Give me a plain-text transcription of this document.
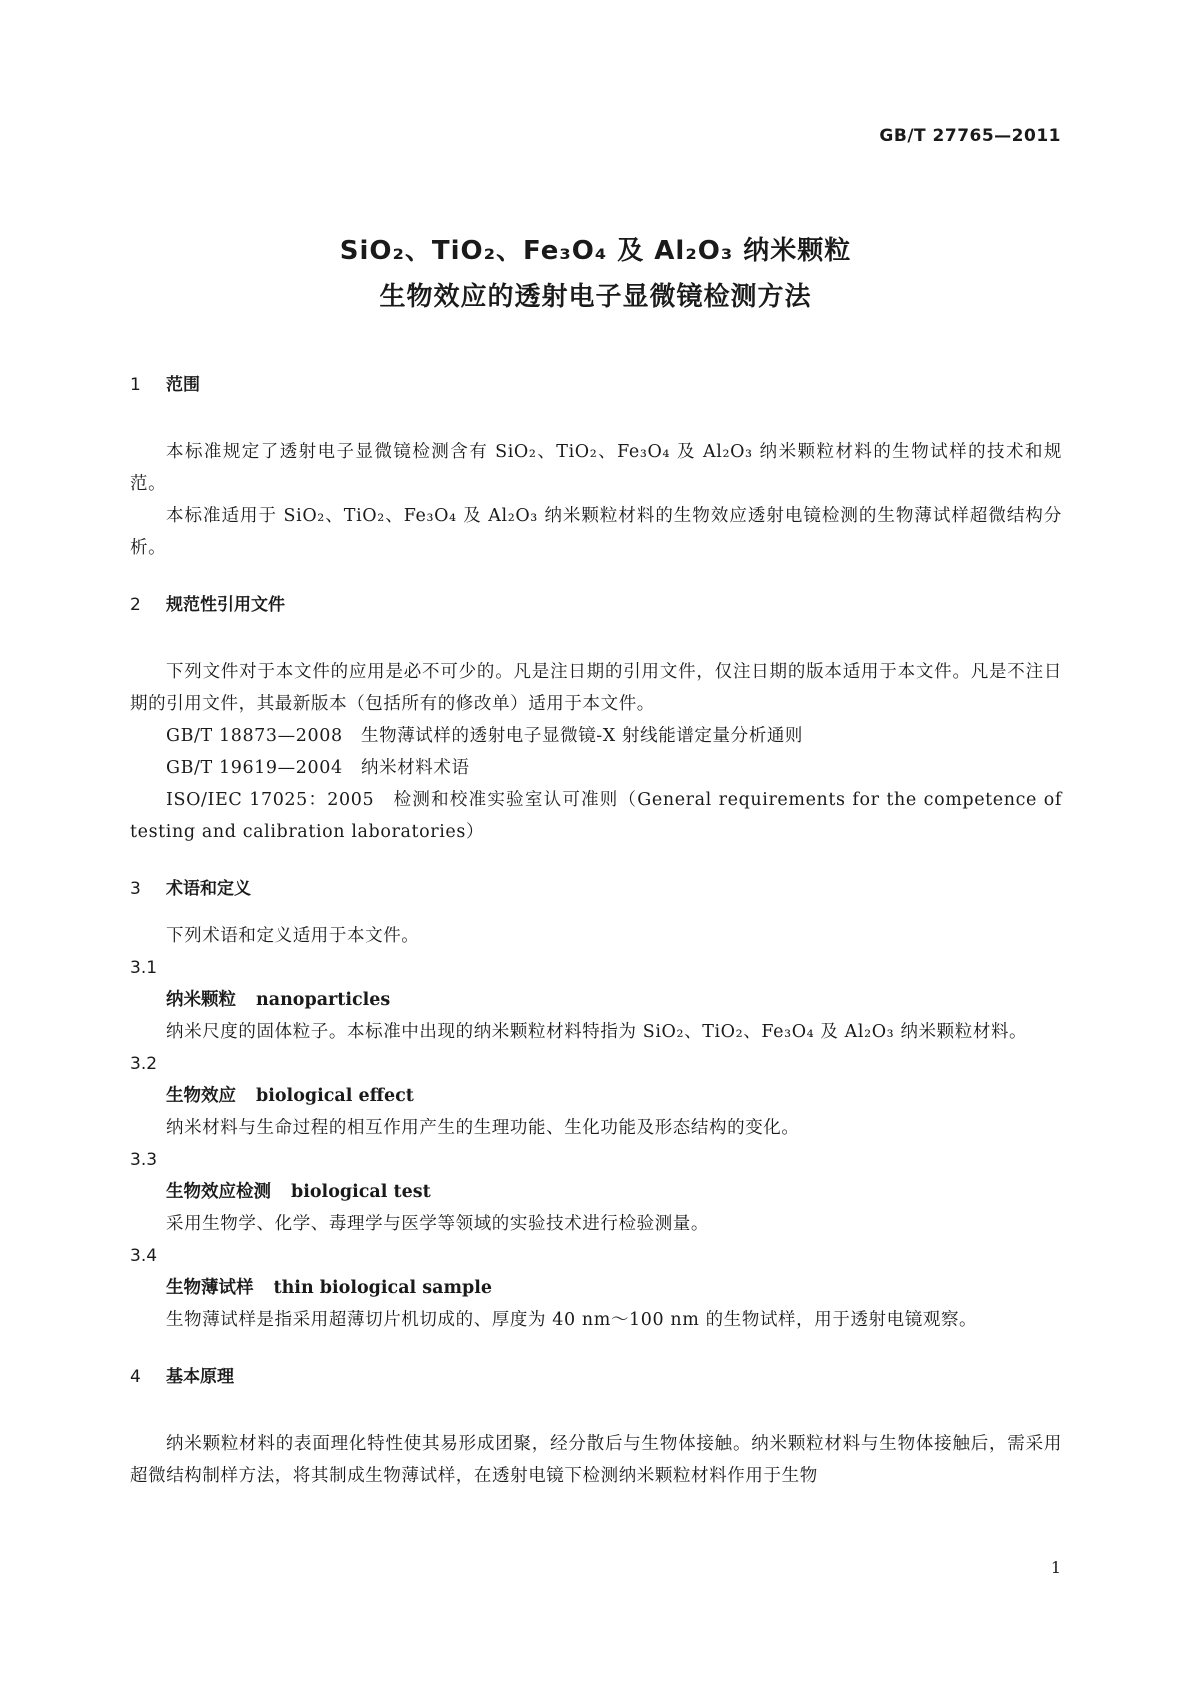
GB/T 27765—2011
SiO₂、TiO₂、Fe₃O₄ 及 Al₂O₃ 纳米颗粒
生物效应的透射电子显微镜检测方法
1 范围

本标准规定了透射电子显微镜检测含有 SiO₂、TiO₂、Fe₃O₄ 及 Al₂O₃ 纳米颗粒材料的生物试样的技术和规范。

本标准适用于 SiO₂、TiO₂、Fe₃O₄ 及 Al₂O₃ 纳米颗粒材料的生物效应透射电镜检测的生物薄试样超微结构分析。

2 规范性引用文件

下列文件对于本文件的应用是必不可少的。凡是注日期的引用文件，仅注日期的版本适用于本文件。凡是不注日期的引用文件，其最新版本（包括所有的修改单）适用于本文件。

GB/T 18873—2008 生物薄试样的透射电子显微镜-X 射线能谱定量分析通则
GB/T 19619—2004 纳米材料术语

ISO/IEC 17025：2005　 检测和校准实验室认可准则（General requirements for the competence of testing and calibration laboratories）

3 术语和定义

下列术语和定义适用于本文件。

3.1
纳米颗粒 nanoparticles

纳米尺度的固体粒子。本标准中出现的纳米颗粒材料特指为 SiO₂、TiO₂、Fe₃O₄ 及 Al₂O₃ 纳米颗粒材料。

3.2
生物效应 biological effect

纳米材料与生命过程的相互作用产生的生理功能、生化功能及形态结构的变化。

3.3
生物效应检测 biological test

采用生物学、化学、毒理学与医学等领域的实验技术进行检验测量。

3.4
生物薄试样 thin biological sample

生物薄试样是指采用超薄切片机切成的、厚度为 40 nm～100 nm 的生物试样，用于透射电镜观察。

4 基本原理

纳米颗粒材料的表面理化特性使其易形成团聚，经分散后与生物体接触。纳米颗粒材料与生物体接触后，需采用超微结构制样方法，将其制成生物薄试样，在透射电镜下检测纳米颗粒材料作用于生物

1
